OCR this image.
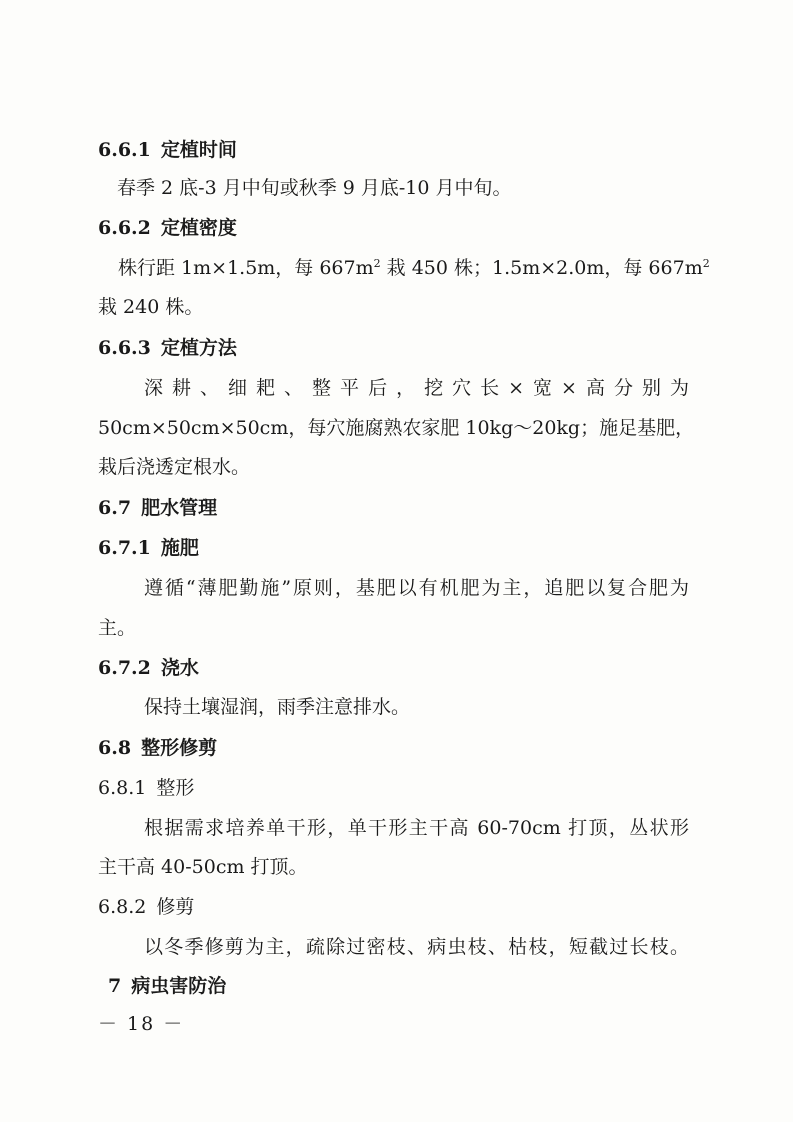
6.6.1 定植时间
春季 2 底-3 月中旬或秋季 9 月底-10 月中旬。
6.6.2 定植密度
株行距 1m×1.5m，每 $667m^2$ 栽 450 株；1.5m×2.0m，每 $667m^2$
栽 240 株。
6.6.3 定植方法
深耕、细耙、整平后，挖穴长×宽×高分别为
50cm×50cm×50cm，每穴施腐熟农家肥 10kg～20kg；施足基肥，
栽后浇透定根水。
6.7 肥水管理
6.7.1 施肥
遵循“薄肥勤施”原则，基肥以有机肥为主，追肥以复合肥为
主。
6.7.2 浇水
保持土壤湿润，雨季注意排水。
6.8 整形修剪
6.8.1 整形
根据需求培养单干形，单干形主干高 60-70cm 打顶，丛状形
主干高 40-50cm 打顶。
6.8.2 修剪
以冬季修剪为主，疏除过密枝、病虫枝、枯枝，短截过长枝。
7 病虫害防治
－ 18 －
